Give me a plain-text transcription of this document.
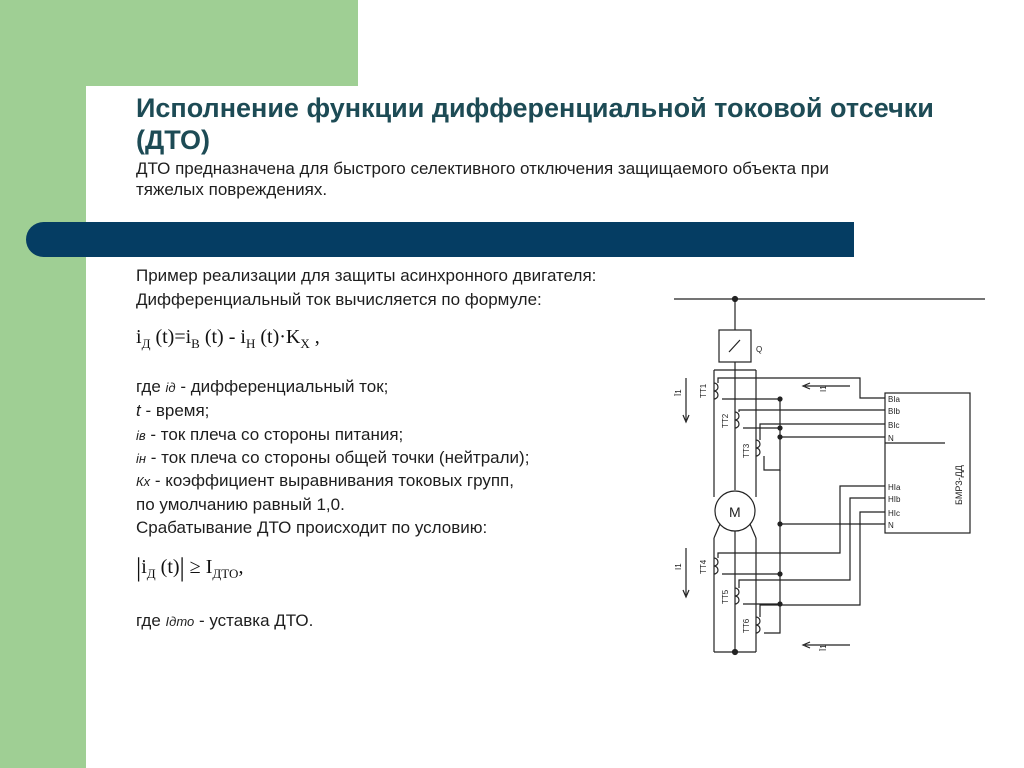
Исполнение функции дифференциальной токовой отсечки (ДТО)

ДТО предназначена для быстрого селективного отключения защищаемого объекта при тяжелых повреждениях.

Пример реализации для защиты асинхронного двигателя:
Дифференциальный ток вычисляется по формуле:
$i_Д$ $(t)=i_В$ $(t) - i_Н$ $(t)\cdot K_Х$ ,
где iд - дифференциальный ток;
t - время;
iв - ток плеча со стороны питания;
iн - ток плеча со стороны общей точки (нейтрали);
Кх - коэффициент выравнивания токовых групп,
по умолчанию равный 1,0.
Срабатывание ДТО происходит по условию:
$|i_Д$ $(t)| \ge I_{ДТО}$,
где Iдто - уставка ДТО.
Q
ТТ1
ТТ2
ТТ3
Ī1
I1
M
ТТ4
ТТ5
ТТ6
I1
Ī1
БМРЗ-ДД
BIa
BIb
BIc
N
HIa
HIb
HIc
N
